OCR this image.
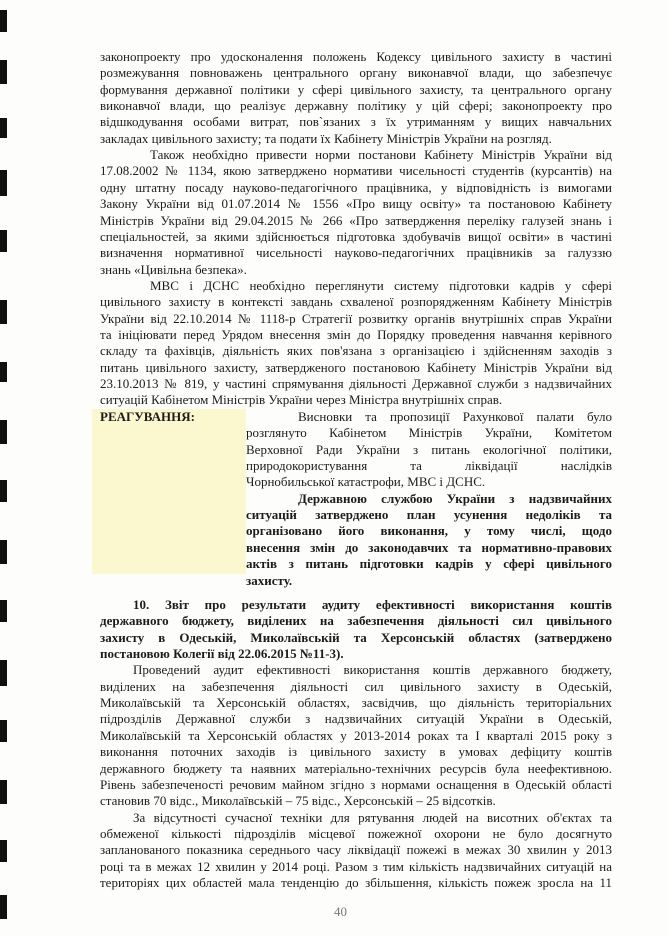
законопроекту про удосконалення положень Кодексу цивільного захисту в частині
розмежування повноважень центрального органу виконавчої влади, що забезпечує
формування державної політики у сфері цивільного захисту, та центрального органу
виконавчої влади, що реалізує державну політику у цій сфері; законопроекту про
відшкодування особами витрат, пов`язаних з їх утриманням у вищих навчальних
закладах цивільного захисту; та подати їх Кабінету Міністрів України на розгляд.
Також необхідно привести норми постанови Кабінету Міністрів України від
17.08.2002 № 1134, якою затверджено нормативи чисельності студентів (курсантів) на
одну штатну посаду науково-педагогічного працівника, у відповідність із вимогами
Закону України від 01.07.2014 № 1556 «Про вищу освіту» та постановою Кабінету
Міністрів України від 29.04.2015 № 266 «Про затвердження переліку галузей знань і
спеціальностей, за якими здійснюється підготовка здобувачів вищої освіти» в частині
визначення нормативної чисельності науково-педагогічних працівників за галуззю
знань «Цивільна безпека».
МВС і ДСНС необхідно переглянути систему підготовки кадрів у сфері
цивільного захисту в контексті завдань схваленої розпорядженням Кабінету Міністрів
України від 22.10.2014 № 1118-р Стратегії розвитку органів внутрішніх справ України
та ініціювати перед Урядом внесення змін до Порядку проведення навчання керівного
складу та фахівців, діяльність яких пов'язана з організацією і здійсненням заходів з
питань цивільного захисту, затвердженого постановою Кабінету Міністрів України від
23.10.2013 № 819, у частині спрямування діяльності Державної служби з надзвичайних
ситуацій Кабінетом Міністрів України через Міністра внутрішніх справ.
Висновки та пропозиції Рахункової палати було
розглянуто Кабінетом Міністрів України, Комітетом
Верховної Ради України з питань екологічної політики,
природокористування та ліквідації наслідків
Чорнобильської катастрофи, МВС і ДСНС.
Державною службою України з надзвичайних
ситуацій затверджено план усунення недоліків та
організовано його виконання, у тому числі, щодо
внесення змін до законодавчих та нормативно-правових
актів з питань підготовки кадрів у сфері цивільного
захисту.
10. Звіт про результати аудиту ефективності використання коштів
державного бюджету, виділених на забезпечення діяльності сил цивільного
захисту в Одеській, Миколаївській та Херсонській областях (затверджено
постановою Колегії від 22.06.2015 №11-3).
Проведений аудит ефективності використання коштів державного бюджету,
виділених на забезпечення діяльності сил цивільного захисту в Одеській,
Миколаївській та Херсонській областях, засвідчив, що діяльність територіальних
підрозділів Державної служби з надзвичайних ситуацій України в Одеській,
Миколаївській та Херсонській областях у 2013-2014 роках та I кварталі 2015 року з
виконання поточних заходів із цивільного захисту в умовах дефіциту коштів
державного бюджету та наявних матеріально-технічних ресурсів була неефективною.
Рівень забезпеченості речовим майном згідно з нормами оснащення в Одеській області
становив 70 відс., Миколаївській – 75 відс., Херсонській – 25 відсотків.
За відсутності сучасної техніки для рятування людей на висотних об'єктах та
обмеженої кількості підрозділів місцевої пожежної охорони не було досягнуто
запланованого показника середнього часу ліквідації пожежі в межах 30 хвилин у 2013
році та в межах 12 хвилин у 2014 році. Разом з тим кількість надзвичайних ситуацій на
територіях цих областей мала тенденцію до збільшення, кількість пожеж зросла на 11
РЕАГУВАННЯ:
40
